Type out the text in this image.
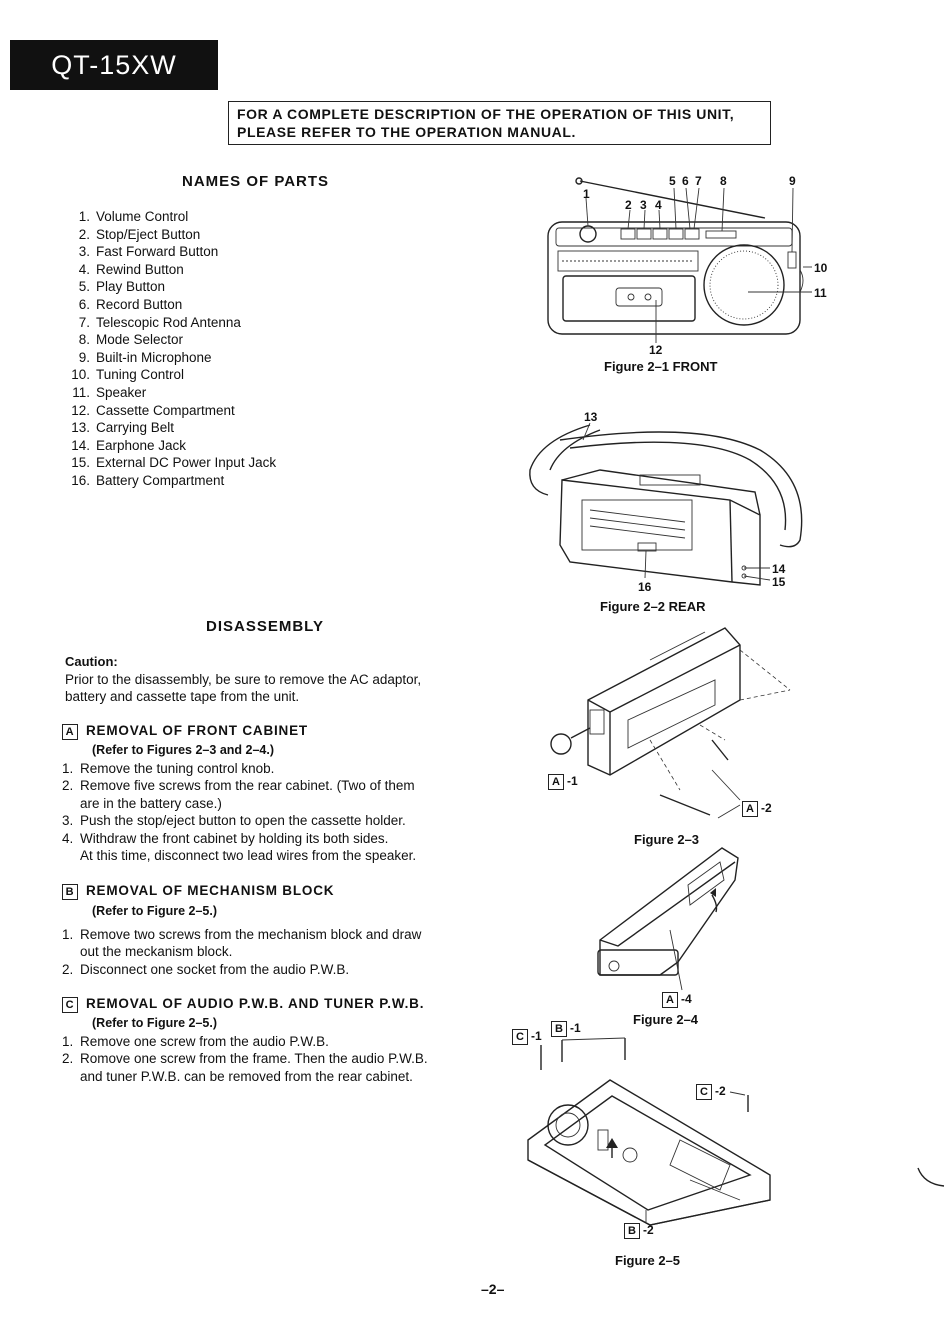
QT-15XW
FOR A COMPLETE DESCRIPTION OF THE OPERATION OF THIS UNIT,
PLEASE REFER TO THE OPERATION MANUAL.
NAMES OF PARTS
1. Volume Control
2. Stop/Eject Button
3. Fast Forward Button
4. Rewind Button
5. Play Button
6. Record Button
7. Telescopic Rod Antenna
8. Mode Selector
9. Built-in Microphone
10. Tuning Control
11. Speaker
12. Cassette Compartment
13. Carrying Belt
14. Earphone Jack
15. External DC Power Input Jack
16. Battery Compartment
DISASSEMBLY
Caution:
Prior to the disassembly, be sure to remove the AC adaptor,
battery and cassette tape from the unit.
A REMOVAL OF FRONT CABINET
(Refer to Figures 2–3 and 2–4.)
1. Remove the tuning control knob.
2. Remove five screws from the rear cabinet. (Two of them
are in the battery case.)
3. Push the stop/eject button to open the cassette holder.
4. Withdraw the front cabinet by holding its both sides.
At this time, disconnect two lead wires from the speaker.
B REMOVAL OF MECHANISM BLOCK
(Refer to Figure 2–5.)
1. Remove two screws from the mechanism block and draw
out the meckanism block.
2. Disconnect one socket from the audio P.W.B.
C REMOVAL OF AUDIO P.W.B. AND TUNER P.W.B.
(Refer to Figure 2–5.)
1. Remove one screw from the audio P.W.B.
2. Romove one screw from the frame. Then the audio P.W.B.
and tuner P.W.B. can be removed from the rear cabinet.
1
2 3 4
5 6 7 8	9
10
11
12
Figure 2–1 FRONT
13
14
15
16
Figure 2–2 REAR
A -1
A -2
Figure 2–3
A -4
Figure 2–4
C -1	B -1
C -2
B -2
Figure 2–5
–2–
